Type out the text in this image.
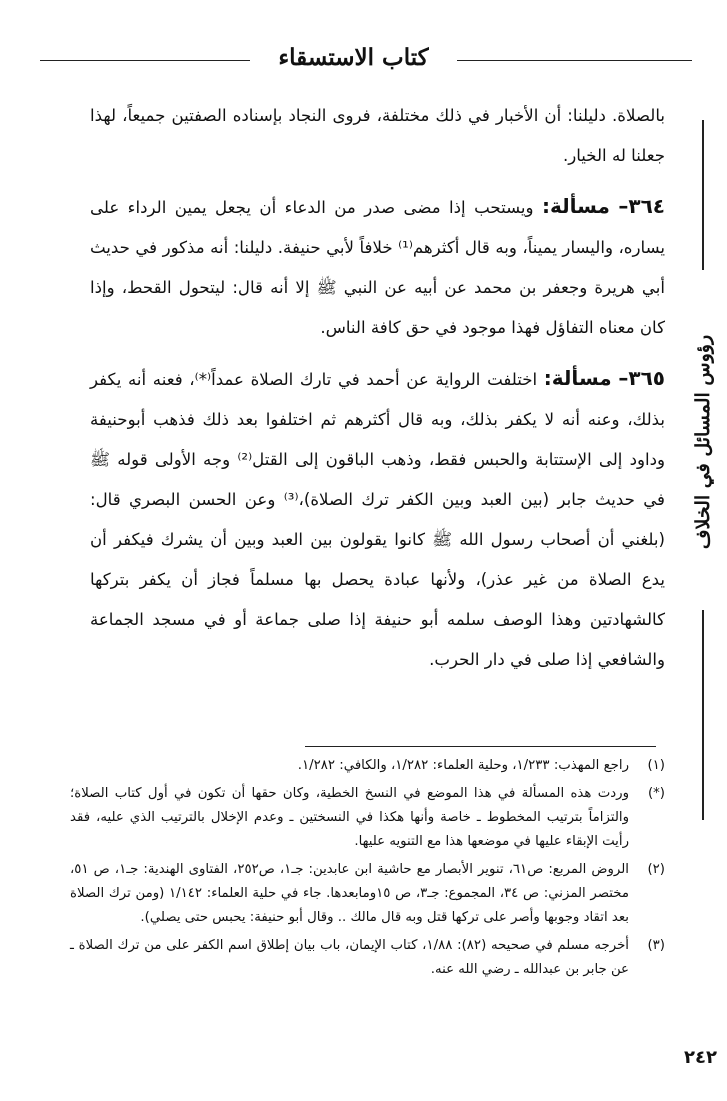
كتاب الاستسقاء
رؤوس المسائل في الخلاف

بالصلاة. دليلنا: أن الأخبار في ذلك مختلفة، فروى النجاد بإسناده الصفتين جميعاً، لهذا جعلنا له الخيار.

٣٦٤– مسألة: ويستحب إذا مضى صدر من الدعاء أن يجعل يمين الرداء على يساره، واليسار يميناً، وبه قال أكثرهم⁽¹⁾ خلافاً لأبي حنيفة. دليلنا: أنه مذكور في حديث أبي هريرة وجعفر بن محمد عن أبيه عن النبي ﷺ إلا أنه قال: ليتحول القحط، وإذا كان معناه التفاؤل فهذا موجود في حق كافة الناس.

٣٦٥– مسألة: اختلفت الرواية عن أحمد في تارك الصلاة عمداً⁽*⁾، فعنه أنه يكفر بذلك، وعنه أنه لا يكفر بذلك، وبه قال أكثرهم ثم اختلفوا بعد ذلك فذهب أبوحنيفة وداود إلى الإستتابة والحبس فقط، وذهب الباقون إلى القتل⁽²⁾ وجه الأولى قوله ﷺ في حديث جابر (بين العبد وبين الكفر ترك الصلاة)،⁽³⁾ وعن الحسن البصري قال: (بلغني أن أصحاب رسول الله ﷺ كانوا يقولون بين العبد وبين أن يشرك فيكفر أن يدع الصلاة من غير عذر)، ولأنها عبادة يحصل بها مسلماً فجاز أن يكفر بتركها كالشهادتين وهذا الوصف سلمه أبو حنيفة إذا صلى جماعة أو في مسجد الجماعة والشافعي إذا صلى في دار الحرب.

(١)
راجع المهذب: ١/٢٣٣، وحلية العلماء: ١/٢٨٢، والكافي: ١/٢٨٢.
(*)
وردت هذه المسألة في هذا الموضع في النسخ الخطية، وكان حقها أن تكون في أول كتاب الصلاة؛ والتزاماً بترتيب المخطوط ـ خاصة وأنها هكذا في النسختين ـ وعدم الإخلال بالترتيب الذي عليه، فقد رأيت الإبقاء عليها في موضعها هذا مع التنويه عليها.
(٢)
الروض المربع: ص٦١، تنوير الأبصار مع حاشية ابن عابدين: جـ١، ص٢٥٢، الفتاوى الهندية: جـ١، ص ٥١، مختصر المزني: ص ٣٤، المجموع: جـ٣، ص ١٥ومابعدها. جاء في حلية العلماء: ١/١٤٢ (ومن ترك الصلاة بعد اتقاد وجوبها وأصر على تركها قتل وبه قال مالك .. وقال أبو حنيفة: يحبس حتى يصلي).
(٣)
أخرجه مسلم في صحيحه (٨٢): ١/٨٨، كتاب الإيمان، باب بيان إطلاق اسم الكفر على من ترك الصلاة ـ عن جابر بن عبدالله ـ رضي الله عنه.
٢٤٢
